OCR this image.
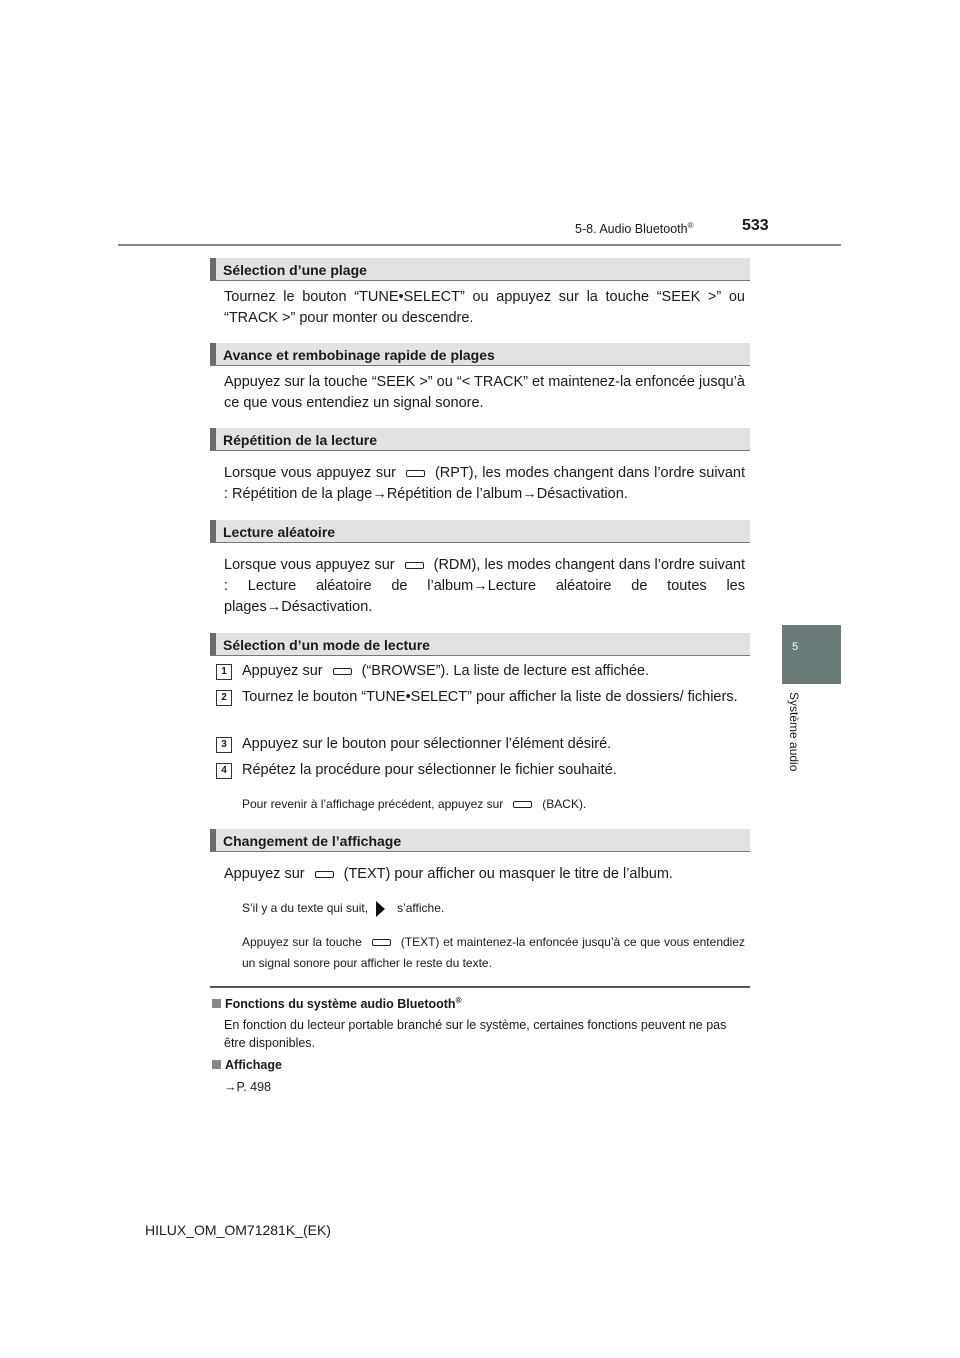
5-8. Audio Bluetooth®	533
5
Système audio
Sélection d’une plage
Tournez le bouton “TUNE•SELECT” ou appuyez sur la touche “SEEK >” ou “TRACK >” pour monter ou descendre.
Avance et rembobinage rapide de plages
Appuyez sur la touche “SEEK >” ou “< TRACK” et maintenez-la enfoncée jusqu’à ce que vous entendiez un signal sonore.
Répétition de la lecture
Lorsque vous appuyez sur	(RPT), les modes changent dans l’ordre suivant : Répétition de la plage→Répétition de l’album→Désactivation.
Lecture aléatoire
Lorsque vous appuyez sur	(RDM), les modes changent dans l’ordre suivant : Lecture aléatoire de l’album→Lecture aléatoire de toutes les plages→Désactivation.
Sélection d’un mode de lecture
1	Appuyez sur	(“BROWSE”). La liste de lecture est affichée.
2	Tournez le bouton “TUNE•SELECT” pour afficher la liste de dossiers/ fichiers.
3	Appuyez sur le bouton pour sélectionner l’élément désiré.
4	Répétez la procédure pour sélectionner le fichier souhaité.
Pour revenir à l’affichage précédent, appuyez sur	(BACK).
Changement de l’affichage
Appuyez sur	(TEXT) pour afficher ou masquer le titre de l’album.
S’il y a du texte qui suit, s’affiche.
Appuyez sur la touche	(TEXT) et maintenez-la enfoncée jusqu’à ce que vous entendiez un signal sonore pour afficher le reste du texte.
Fonctions du système audio Bluetooth®
En fonction du lecteur portable branché sur le système, certaines fonctions peuvent ne pas être disponibles.
Affichage
→P. 498
HILUX_OM_OM71281K_(EK)
